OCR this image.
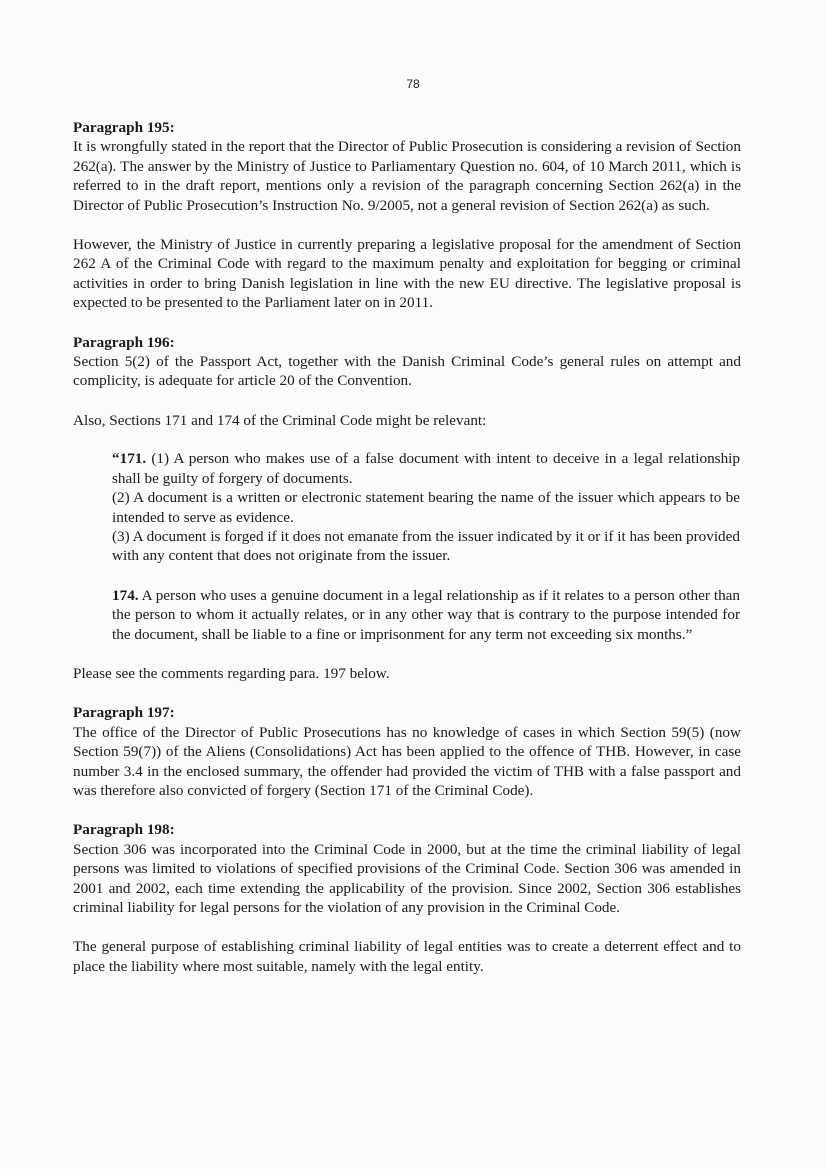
78
Paragraph 195:

It is wrongfully stated in the report that the Director of Public Prosecution is considering a revision of Section 262(a). The answer by the Ministry of Justice to Parliamentary Question no. 604, of 10 March 2011, which is referred to in the draft report, mentions only a revision of the paragraph concerning Section 262(a) in the Director of Public Prosecution’s Instruction No. 9/2005, not a general revision of Section 262(a) as such.

However, the Ministry of Justice in currently preparing a legislative proposal for the amendment of Section 262 A of the Criminal Code with regard to the maximum penalty and exploitation for begging or criminal activities in order to bring Danish legislation in line with the new EU directive. The legislative proposal is expected to be presented to the Parliament later on in 2011.

Paragraph 196:

Section 5(2) of the Passport Act, together with the Danish Criminal Code’s general rules on attempt and complicity, is adequate for article 20 of the Convention.

Also, Sections 171 and 174 of the Criminal Code might be relevant:

“171. (1) A person who makes use of a false document with intent to deceive in a legal relationship shall be guilty of forgery of documents.

(2) A document is a written or electronic statement bearing the name of the issuer which appears to be intended to serve as evidence.

(3) A document is forged if it does not emanate from the issuer indicated by it or if it has been provided with any content that does not originate from the issuer.

174. A person who uses a genuine document in a legal relationship as if it relates to a person other than the person to whom it actually relates, or in any other way that is contrary to the purpose intended for the document, shall be liable to a fine or imprisonment for any term not exceeding six months.”

Please see the comments regarding para. 197 below.

Paragraph 197:

The office of the Director of Public Prosecutions has no knowledge of cases in which Section 59(5) (now Section 59(7)) of the Aliens (Consolidations) Act has been applied to the offence of THB. However, in case number 3.4 in the enclosed summary, the offender had provided the victim of THB with a false passport and was therefore also convicted of forgery (Section 171 of the Criminal Code).

Paragraph 198:

Section 306 was incorporated into the Criminal Code in 2000, but at the time the criminal liability of legal persons was limited to violations of specified provisions of the Criminal Code. Section 306 was amended in 2001 and 2002, each time extending the applicability of the provision. Since 2002, Section 306 establishes criminal liability for legal persons for the violation of any provision in the Criminal Code.

The general purpose of establishing criminal liability of legal entities was to create a deterrent effect and to place the liability where most suitable, namely with the legal entity.
